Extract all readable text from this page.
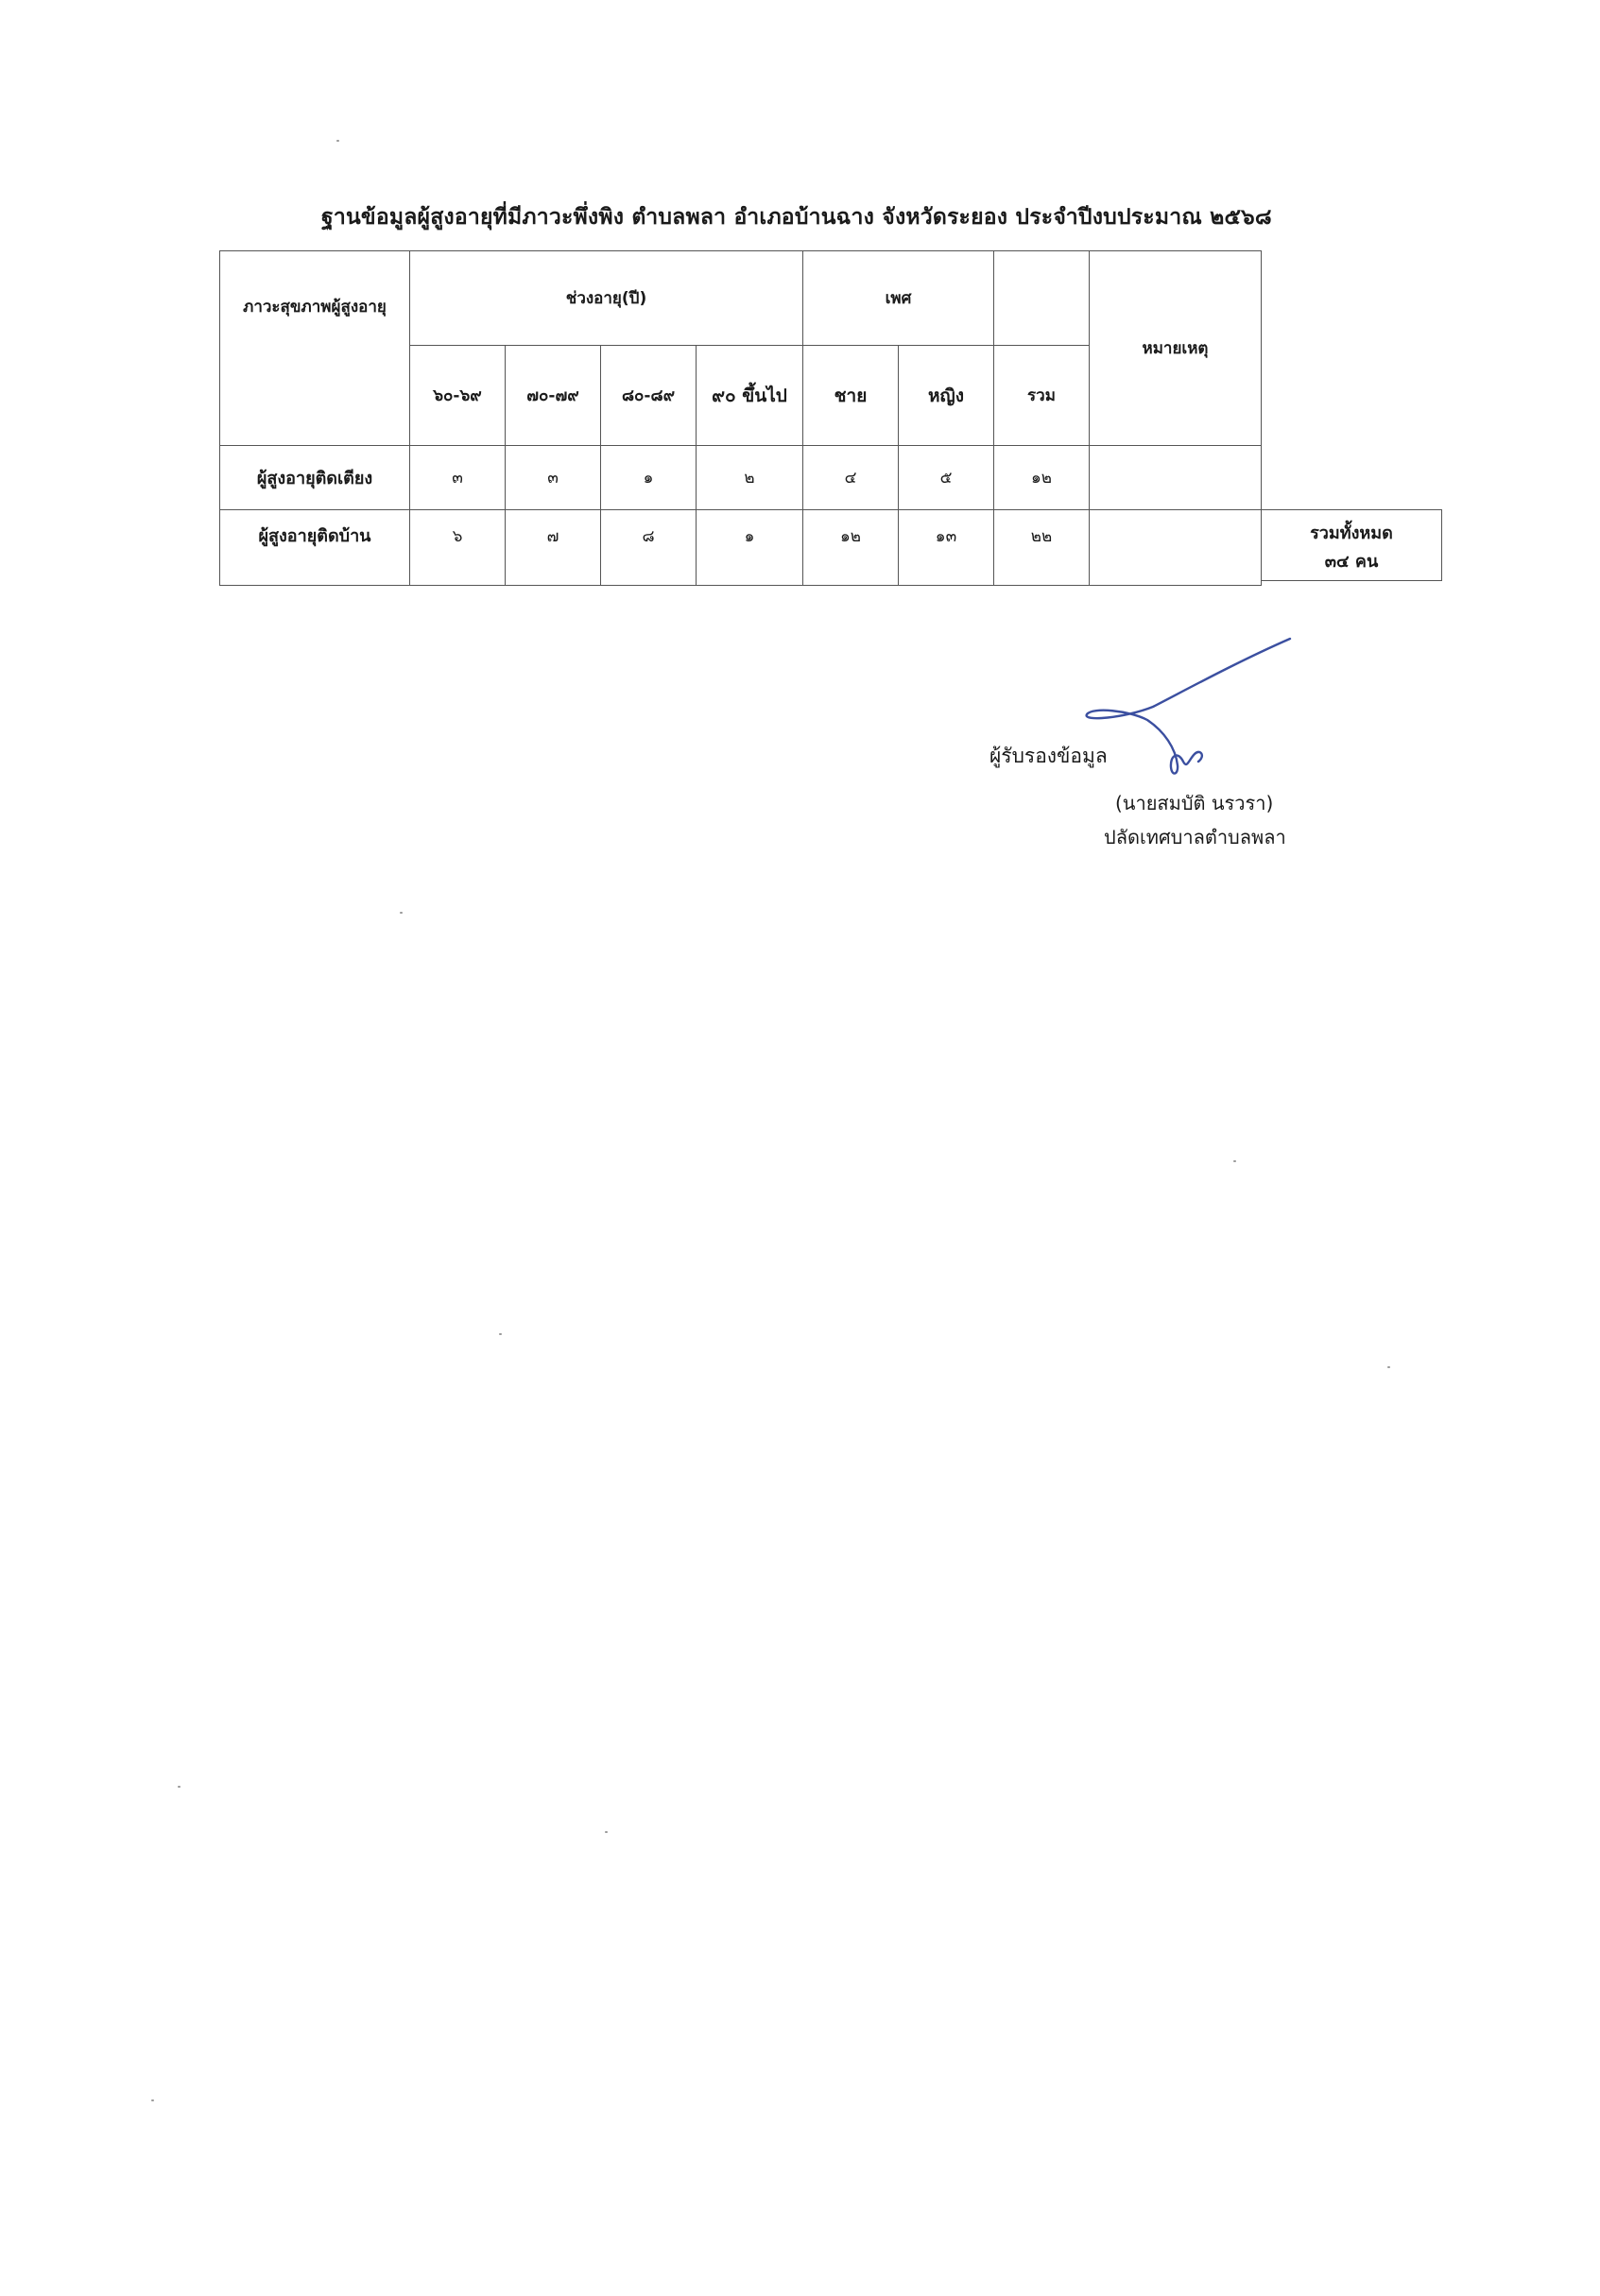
ฐานข้อมูลผู้สูงอายุที่มีภาวะพึ่งพิง ตำบลพลา อำเภอบ้านฉาง จังหวัดระยอง ประจำปีงบประมาณ ๒๕๖๘
ภาวะสุขภาพผู้สูงอายุ	ช่วงอายุ(ปี)				เพศ			หมายเหตุ
	๖๐-๖๙	๗๐-๗๙	๘๐-๘๙	๙๐ ขึ้นไป	ชาย	หญิง	รวม	
ผู้สูงอายุติดเตียง	๓	๓	๑	๒	๔	๕	๑๒	
ผู้สูงอายุติดบ้าน	๖	๗	๘	๑	๑๒	๑๓	๒๒		รวมทั้งหมด
๓๔ คน
ผู้รับรองข้อมูล
(นายสมบัติ นรวรา)
ปลัดเทศบาลตำบลพลา
